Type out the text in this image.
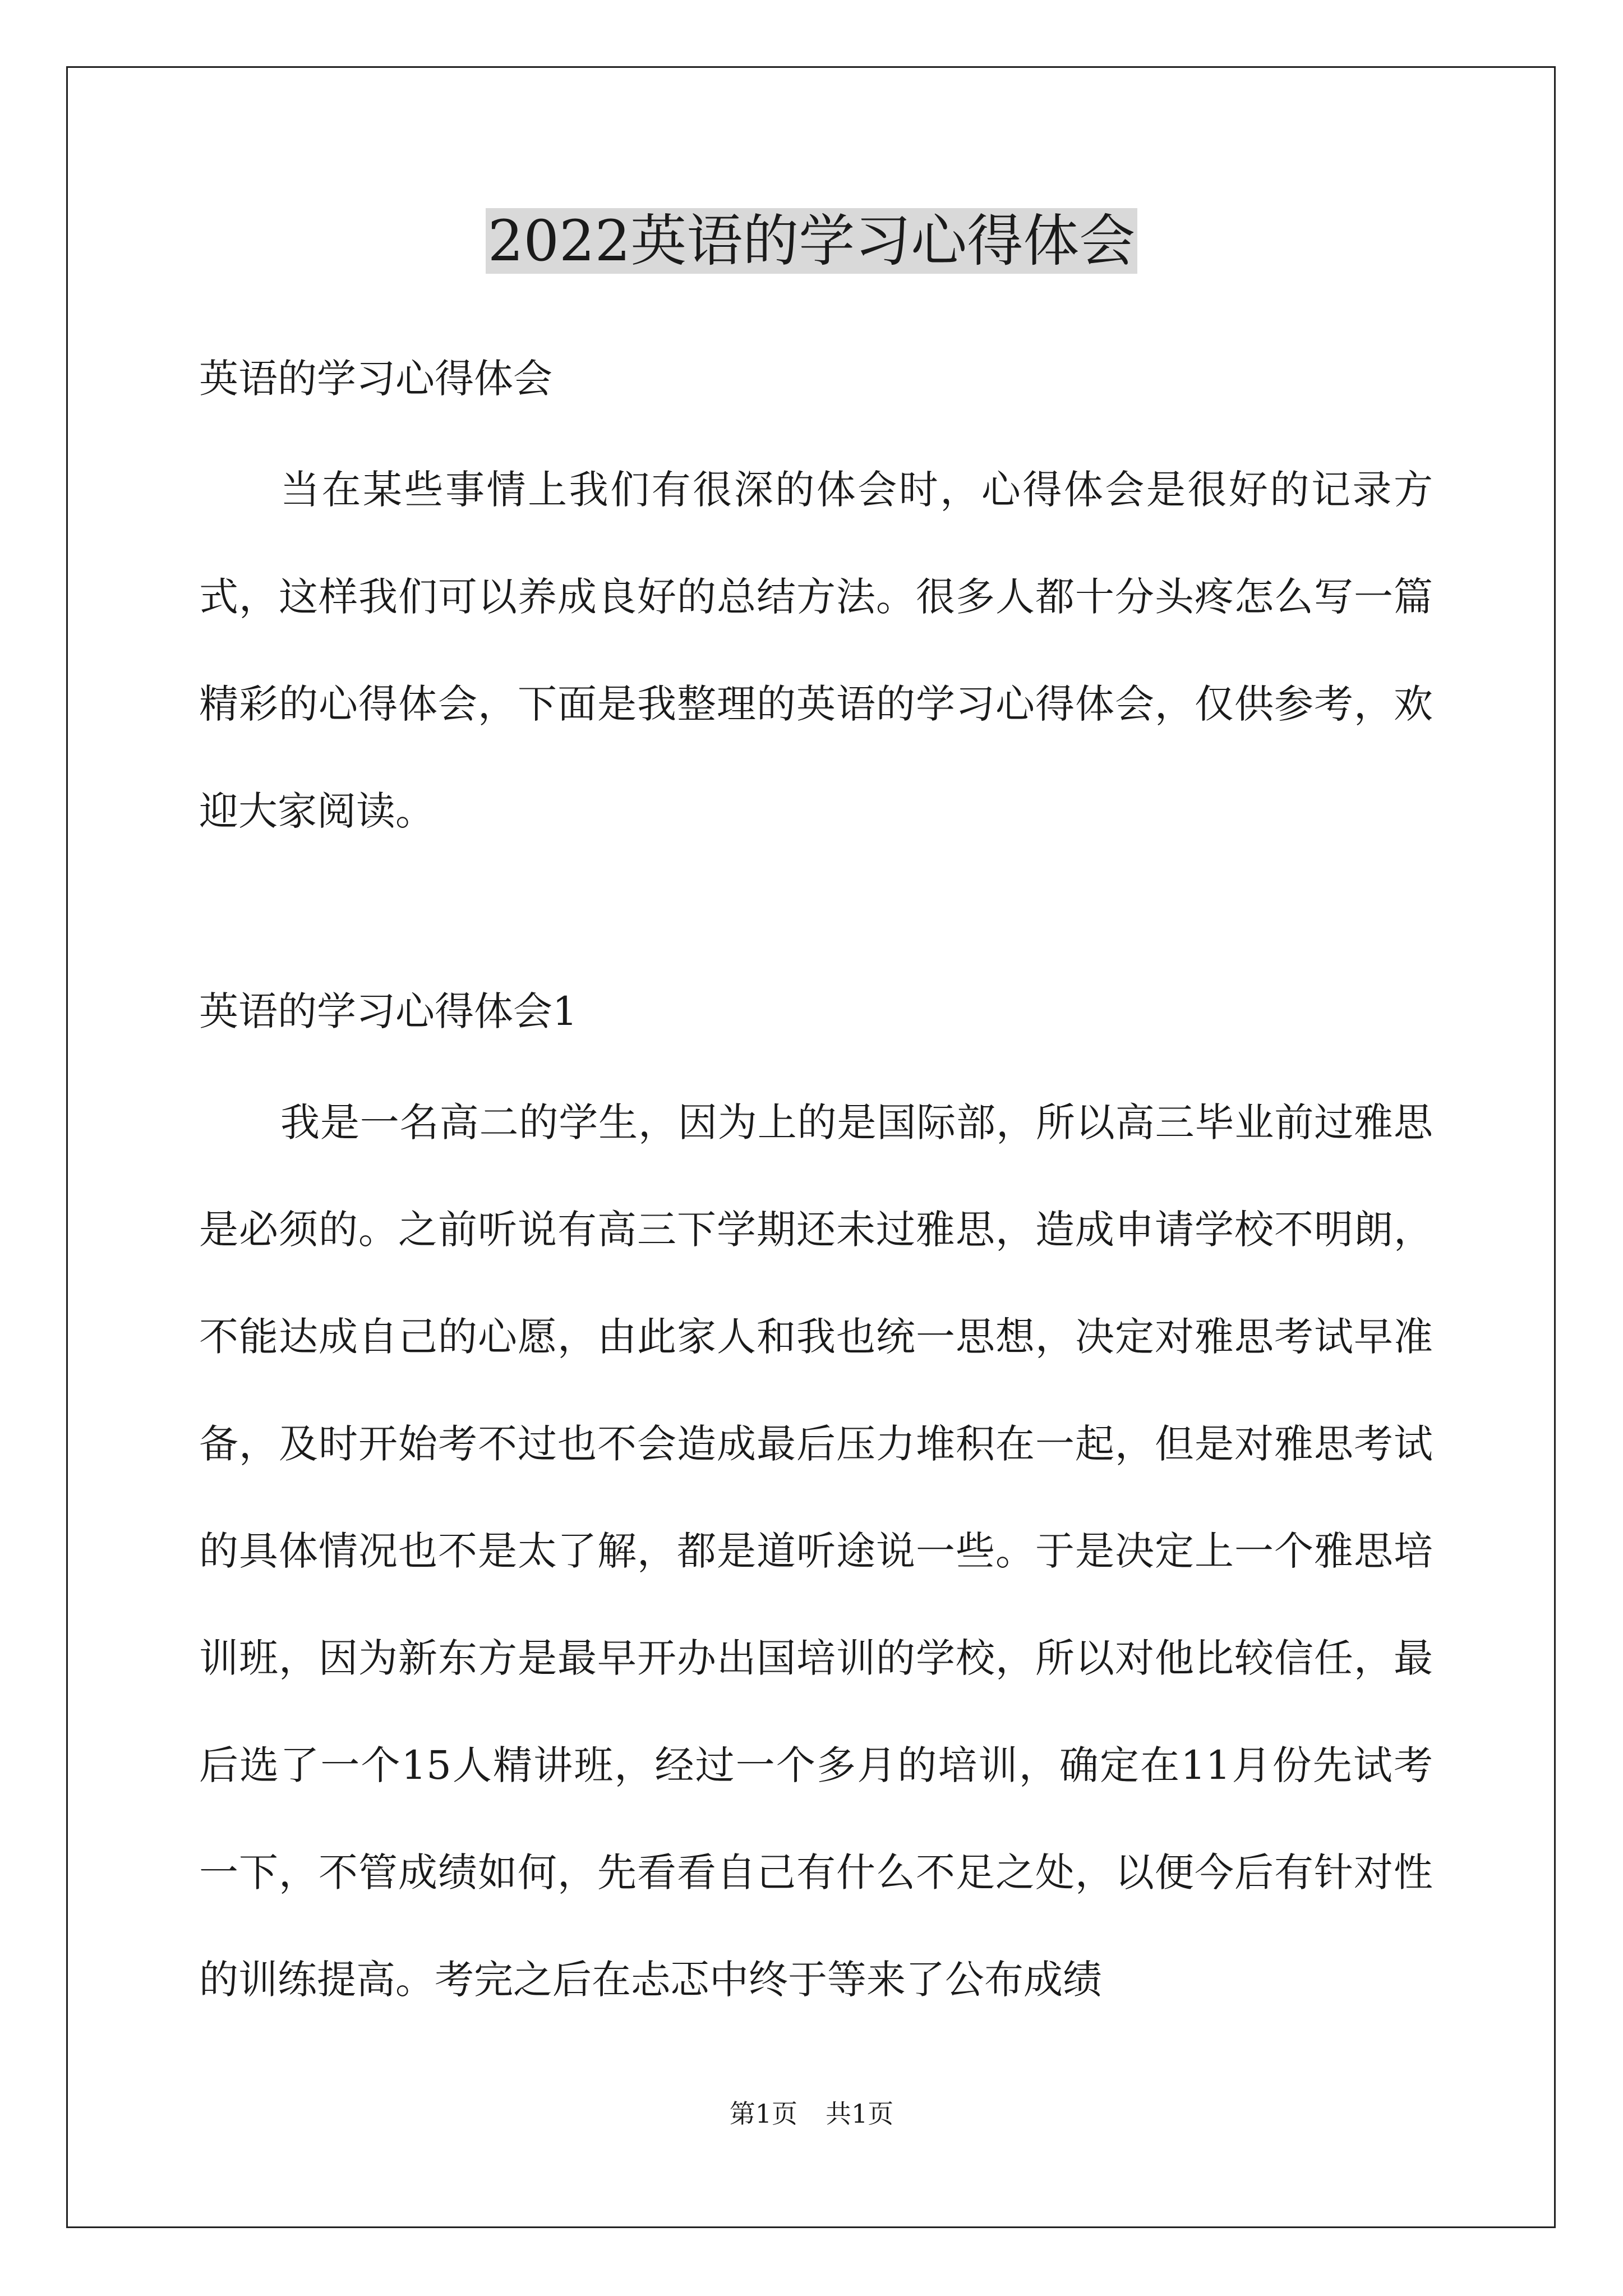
2022英语的学习心得体会

英语的学习心得体会

当在某些事情上我们有很深的体会时，心得体会是很好的记录方式，这样我们可以养成良好的总结方法。很多人都十分头疼怎么写一篇精彩的心得体会，下面是我整理的英语的学习心得体会，仅供参考，欢迎大家阅读。

英语的学习心得体会1

我是一名高二的学生，因为上的是国际部，所以高三毕业前过雅思是必须的。之前听说有高三下学期还未过雅思，造成申请学校不明朗，不能达成自己的心愿，由此家人和我也统一思想，决定对雅思考试早准备，及时开始考不过也不会造成最后压力堆积在一起，但是对雅思考试的具体情况也不是太了解，都是道听途说一些。于是决定上一个雅思培训班，因为新东方是最早开办出国培训的学校，所以对他比较信任，最后选了一个15人精讲班，经过一个多月的培训，确定在11月份先试考一下，不管成绩如何，先看看自己有什么不足之处，以便今后有针对性的训练提高。考完之后在忐忑中终于等来了公布成绩

第1页 共1页
